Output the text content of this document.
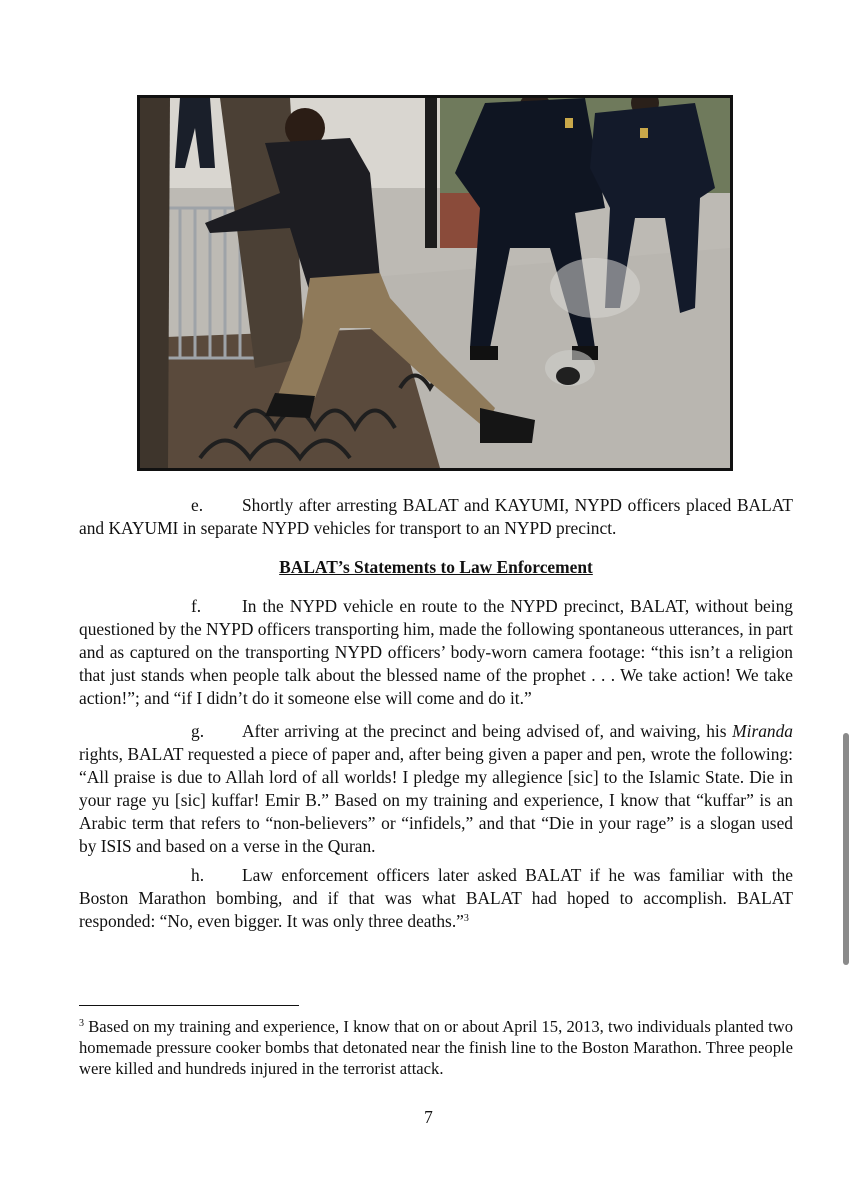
e. Shortly after arresting BALAT and KAYUMI, NYPD officers placed BALAT and KAYUMI in separate NYPD vehicles for transport to an NYPD precinct.

BALAT’s Statements to Law Enforcement

f. In the NYPD vehicle en route to the NYPD precinct, BALAT, without being questioned by the NYPD officers transporting him, made the following spontaneous utterances, in part and as captured on the transporting NYPD officers’ body-worn camera footage: “this isn’t a religion that just stands when people talk about the blessed name of the prophet . . . We take action! We take action!”; and “if I didn’t do it someone else will come and do it.”

g. After arriving at the precinct and being advised of, and waiving, his Miranda rights, BALAT requested a piece of paper and, after being given a paper and pen, wrote the following: “All praise is due to Allah lord of all worlds! I pledge my allegience [sic] to the Islamic State. Die in your rage yu [sic] kuffar! Emir B.” Based on my training and experience, I know that “kuffar” is an Arabic term that refers to “non-believers” or “infidels,” and that “Die in your rage” is a slogan used by ISIS and based on a verse in the Quran.

h. Law enforcement officers later asked BALAT if he was familiar with the Boston Marathon bombing, and if that was what BALAT had hoped to accomplish. BALAT responded: “No, even bigger. It was only three deaths.”$^3$

$^3$ Based on my training and experience, I know that on or about April 15, 2013, two individuals planted two homemade pressure cooker bombs that detonated near the finish line to the Boston Marathon. Three people were killed and hundreds injured in the terrorist attack.

7
